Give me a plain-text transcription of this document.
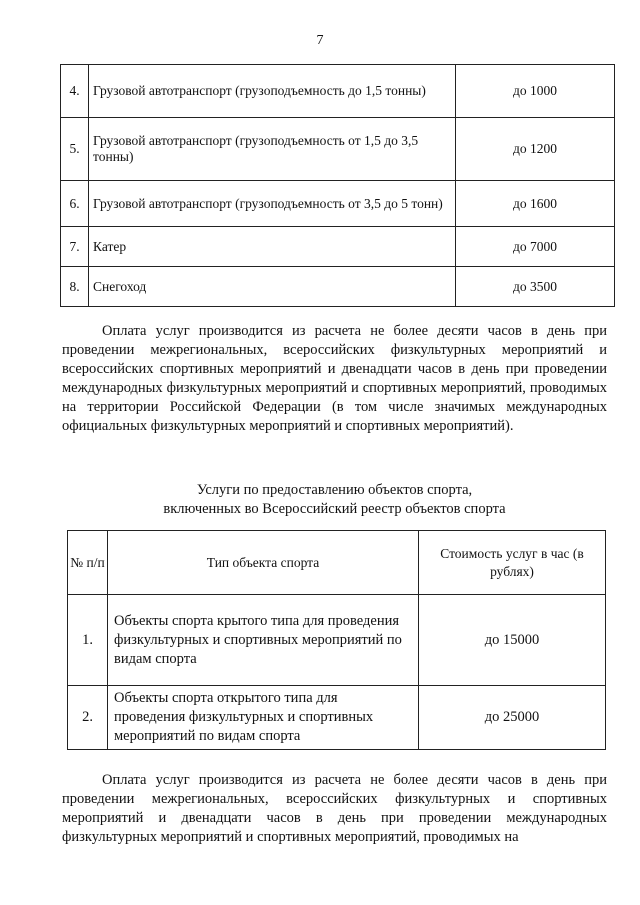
7
4.	Грузовой автотранспорт (грузоподъемность до 1,5 тонны)	до 1000
5.	Грузовой автотранспорт (грузоподъемность от 1,5 до 3,5 тонны)	до 1200
6.	Грузовой автотранспорт (грузоподъемность от 3,5 до 5 тонн)	до 1600
7.	Катер	до 7000
8.	Снегоход	до 3500

Оплата услуг производится из расчета не более десяти часов в день при проведении межрегиональных, всероссийских физкультурных мероприятий и всероссийских спортивных мероприятий и двенадцати часов в день при проведении международных физкультурных мероприятий и спортивных мероприятий, проводимых на территории Российской Федерации (в том числе значимых международных официальных физкультурных мероприятий и спортивных мероприятий).

Услуги по предоставлению объектов спорта,

включенных во Всероссийский реестр объектов спорта

№ п/п	Тип объекта спорта	Стоимость услуг в час (в рублях)
1.	Объекты спорта крытого типа для проведения физкультурных и спортивных мероприятий по видам спорта	до 15000
2.	Объекты спорта открытого типа для проведения физкультурных и спортивных мероприятий по видам спорта	до 25000

Оплата услуг производится из расчета не более десяти часов в день при проведении межрегиональных, всероссийских физкультурных и спортивных мероприятий и двенадцати часов в день при проведении международных физкультурных мероприятий и спортивных мероприятий, проводимых на
